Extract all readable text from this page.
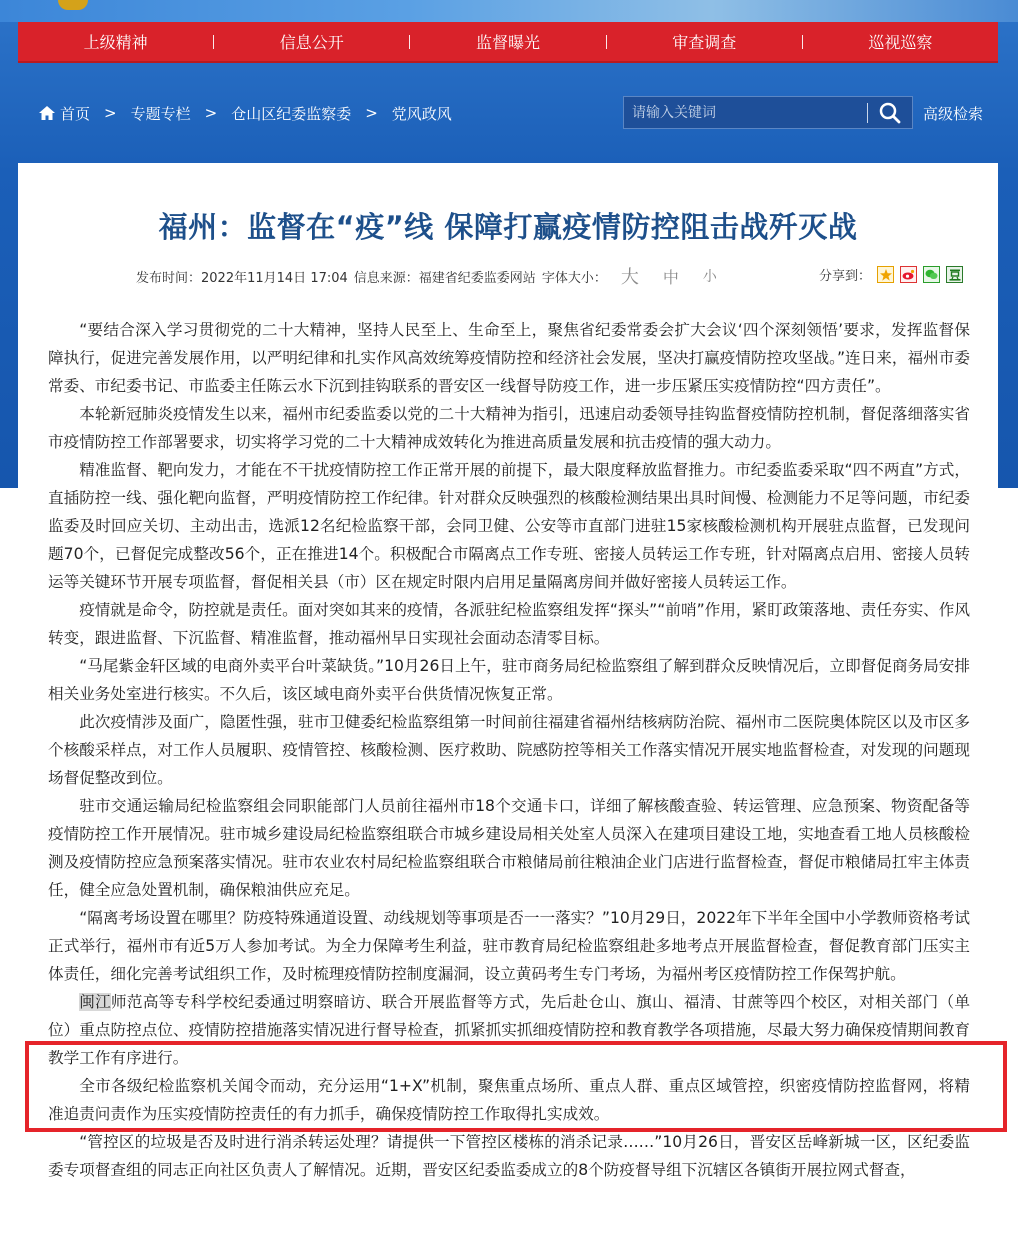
上级精神	信息公开	监督曝光	审查调查	巡视巡察
首页 > 专题专栏 > 仓山区纪委监察委 > 党风政风
请输入关键词	高级检索
福州：监督在“疫”线 保障打赢疫情防控阻击战歼灭战
发布时间： 2022年11月14日 17:04 信息来源： 福建省纪委监委网站 字体大小： 大 中 小	分享到：

“要结合深入学习贯彻党的二十大精神，坚持人民至上、生命至上，聚焦省纪委常委会扩大会议‘四个深刻领悟’要求，发挥监督保障执行，促进完善发展作用，以严明纪律和扎实作风高效统筹疫情防控和经济社会发展，坚决打赢疫情防控攻坚战。”连日来，福州市委常委、市纪委书记、市监委主任陈云水下沉到挂钩联系的晋安区一线督导防疫工作，进一步压紧压实疫情防控“四方责任”。

本轮新冠肺炎疫情发生以来，福州市纪委监委以党的二十大精神为指引，迅速启动委领导挂钩监督疫情防控机制，督促落细落实省市疫情防控工作部署要求，切实将学习党的二十大精神成效转化为推进高质量发展和抗击疫情的强大动力。

精准监督、靶向发力，才能在不干扰疫情防控工作正常开展的前提下，最大限度释放监督推力。市纪委监委采取“四不两直”方式，直插防控一线、强化靶向监督，严明疫情防控工作纪律。针对群众反映强烈的核酸检测结果出具时间慢、检测能力不足等问题，市纪委监委及时回应关切、主动出击，选派12名纪检监察干部，会同卫健、公安等市直部门进驻15家核酸检测机构开展驻点监督，已发现问题70个，已督促完成整改56个，正在推进14个。积极配合市隔离点工作专班、密接人员转运工作专班，针对隔离点启用、密接人员转运等关键环节开展专项监督，督促相关县（市）区在规定时限内启用足量隔离房间并做好密接人员转运工作。

疫情就是命令，防控就是责任。面对突如其来的疫情，各派驻纪检监察组发挥“探头”“前哨”作用，紧盯政策落地、责任夯实、作风转变，跟进监督、下沉监督、精准监督，推动福州早日实现社会面动态清零目标。

“马尾紫金轩区域的电商外卖平台叶菜缺货。”10月26日上午，驻市商务局纪检监察组了解到群众反映情况后，立即督促商务局安排相关业务处室进行核实。不久后，该区域电商外卖平台供货情况恢复正常。

此次疫情涉及面广，隐匿性强，驻市卫健委纪检监察组第一时间前往福建省福州结核病防治院、福州市二医院奥体院区以及市区多个核酸采样点，对工作人员履职、疫情管控、核酸检测、医疗救助、院感防控等相关工作落实情况开展实地监督检查，对发现的问题现场督促整改到位。

驻市交通运输局纪检监察组会同职能部门人员前往福州市18个交通卡口，详细了解核酸查验、转运管理、应急预案、物资配备等疫情防控工作开展情况。驻市城乡建设局纪检监察组联合市城乡建设局相关处室人员深入在建项目建设工地，实地查看工地人员核酸检测及疫情防控应急预案落实情况。驻市农业农村局纪检监察组联合市粮储局前往粮油企业门店进行监督检查，督促市粮储局扛牢主体责任，健全应急处置机制，确保粮油供应充足。

“隔离考场设置在哪里？防疫特殊通道设置、动线规划等事项是否一一落实？”10月29日，2022年下半年全国中小学教师资格考试正式举行，福州市有近5万人参加考试。为全力保障考生利益，驻市教育局纪检监察组赴多地考点开展监督检查，督促教育部门压实主体责任，细化完善考试组织工作，及时梳理疫情防控制度漏洞，设立黄码考生专门考场，为福州考区疫情防控工作保驾护航。

闽江师范高等专科学校纪委通过明察暗访、联合开展监督等方式，先后赴仓山、旗山、福清、甘蔗等四个校区，对相关部门（单位）重点防控点位、疫情防控措施落实情况进行督导检查，抓紧抓实抓细疫情防控和教育教学各项措施，尽最大努力确保疫情期间教育教学工作有序进行。

全市各级纪检监察机关闻令而动，充分运用“1+X”机制，聚焦重点场所、重点人群、重点区域管控，织密疫情防控监督网，将精准追责问责作为压实疫情防控责任的有力抓手，确保疫情防控工作取得扎实成效。

“管控区的垃圾是否及时进行消杀转运处理？请提供一下管控区楼栋的消杀记录……”10月26日，晋安区岳峰新城一区，区纪委监委专项督查组的同志正向社区负责人了解情况。近期，晋安区纪委监委成立的8个防疫督导组下沉辖区各镇街开展拉网式督查，
